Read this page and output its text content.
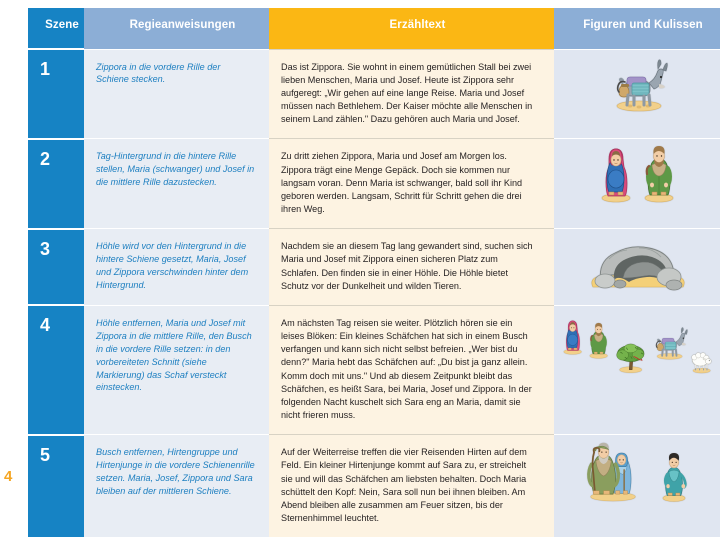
Szene	Regieanweisungen	Erzähltext	Figuren und Kulissen
1	Zippora in die vordere Rille der Schiene stecken.	Das ist Zippora. Sie wohnt in einem gemütlichen Stall bei zwei lieben Menschen, Maria und Josef. Heute ist Zippora sehr aufgeregt: „Wir gehen auf eine lange Reise. Maria und Josef müssen nach Bethlehem. Der Kaiser möchte alle Menschen in seinem Land zählen." Dazu gehören auch Maria und Josef.	

2	Tag-Hintergrund in die hintere Rille stellen, Maria (schwanger) und Josef in die mittlere Rille dazustecken.	Zu dritt ziehen Zippora, Maria und Josef am Morgen los. Zippora trägt eine Menge Gepäck. Doch sie kommen nur langsam voran. Denn Maria ist schwanger, bald soll ihr Kind geboren werden. Langsam, Schritt für Schritt gehen die drei ihren Weg.	

3	Höhle wird vor den Hintergrund in die hintere Schiene gesetzt, Maria, Josef und Zippora verschwinden hinter dem Hintergrund.	Nachdem sie an diesem Tag lang gewandert sind, suchen sich Maria und Josef mit Zippora einen sicheren Platz zum Schlafen. Den finden sie in einer Höhle. Die Höhle bietet Schutz vor der Dunkelheit und wilden Tieren.	

4	Höhle entfernen, Maria und Josef mit Zippora in die mittlere Rille, den Busch in die vordere Rille setzen: in den vorbereiteten Schnitt (siehe Markierung) das Schaf versteckt einstecken.	Am nächsten Tag reisen sie weiter. Plötzlich hören sie ein leises Blöken: Ein kleines Schäfchen hat sich in einem Busch verfangen und kann sich nicht selbst befreien. „Wer bist du denn?" Maria hebt das Schäfchen auf: „Du bist ja ganz allein. Komm doch mit uns." Und ab diesem Zeitpunkt bleibt das Schäfchen, es heißt Sara, bei Maria, Josef und Zippora. In der folgenden Nacht kuschelt sich Sara eng an Maria, damit sie nicht frieren muss.	

5	Busch entfernen, Hirtengruppe und Hirtenjunge in die vordere Schienenrille setzen. Maria, Josef, Zippora und Sara bleiben auf der mittleren Schiene.	Auf der Weiterreise treffen die vier Reisenden Hirten auf dem Feld. Ein kleiner Hirtenjunge kommt auf Sara zu, er streichelt sie und will das Schäfchen am liebsten behalten. Doch Maria schüttelt den Kopf: Nein, Sara soll nun bei ihnen bleiben. Am Abend bleiben alle zusammen am Feuer sitzen, bis der Sternenhimmel leuchtet.	
4
